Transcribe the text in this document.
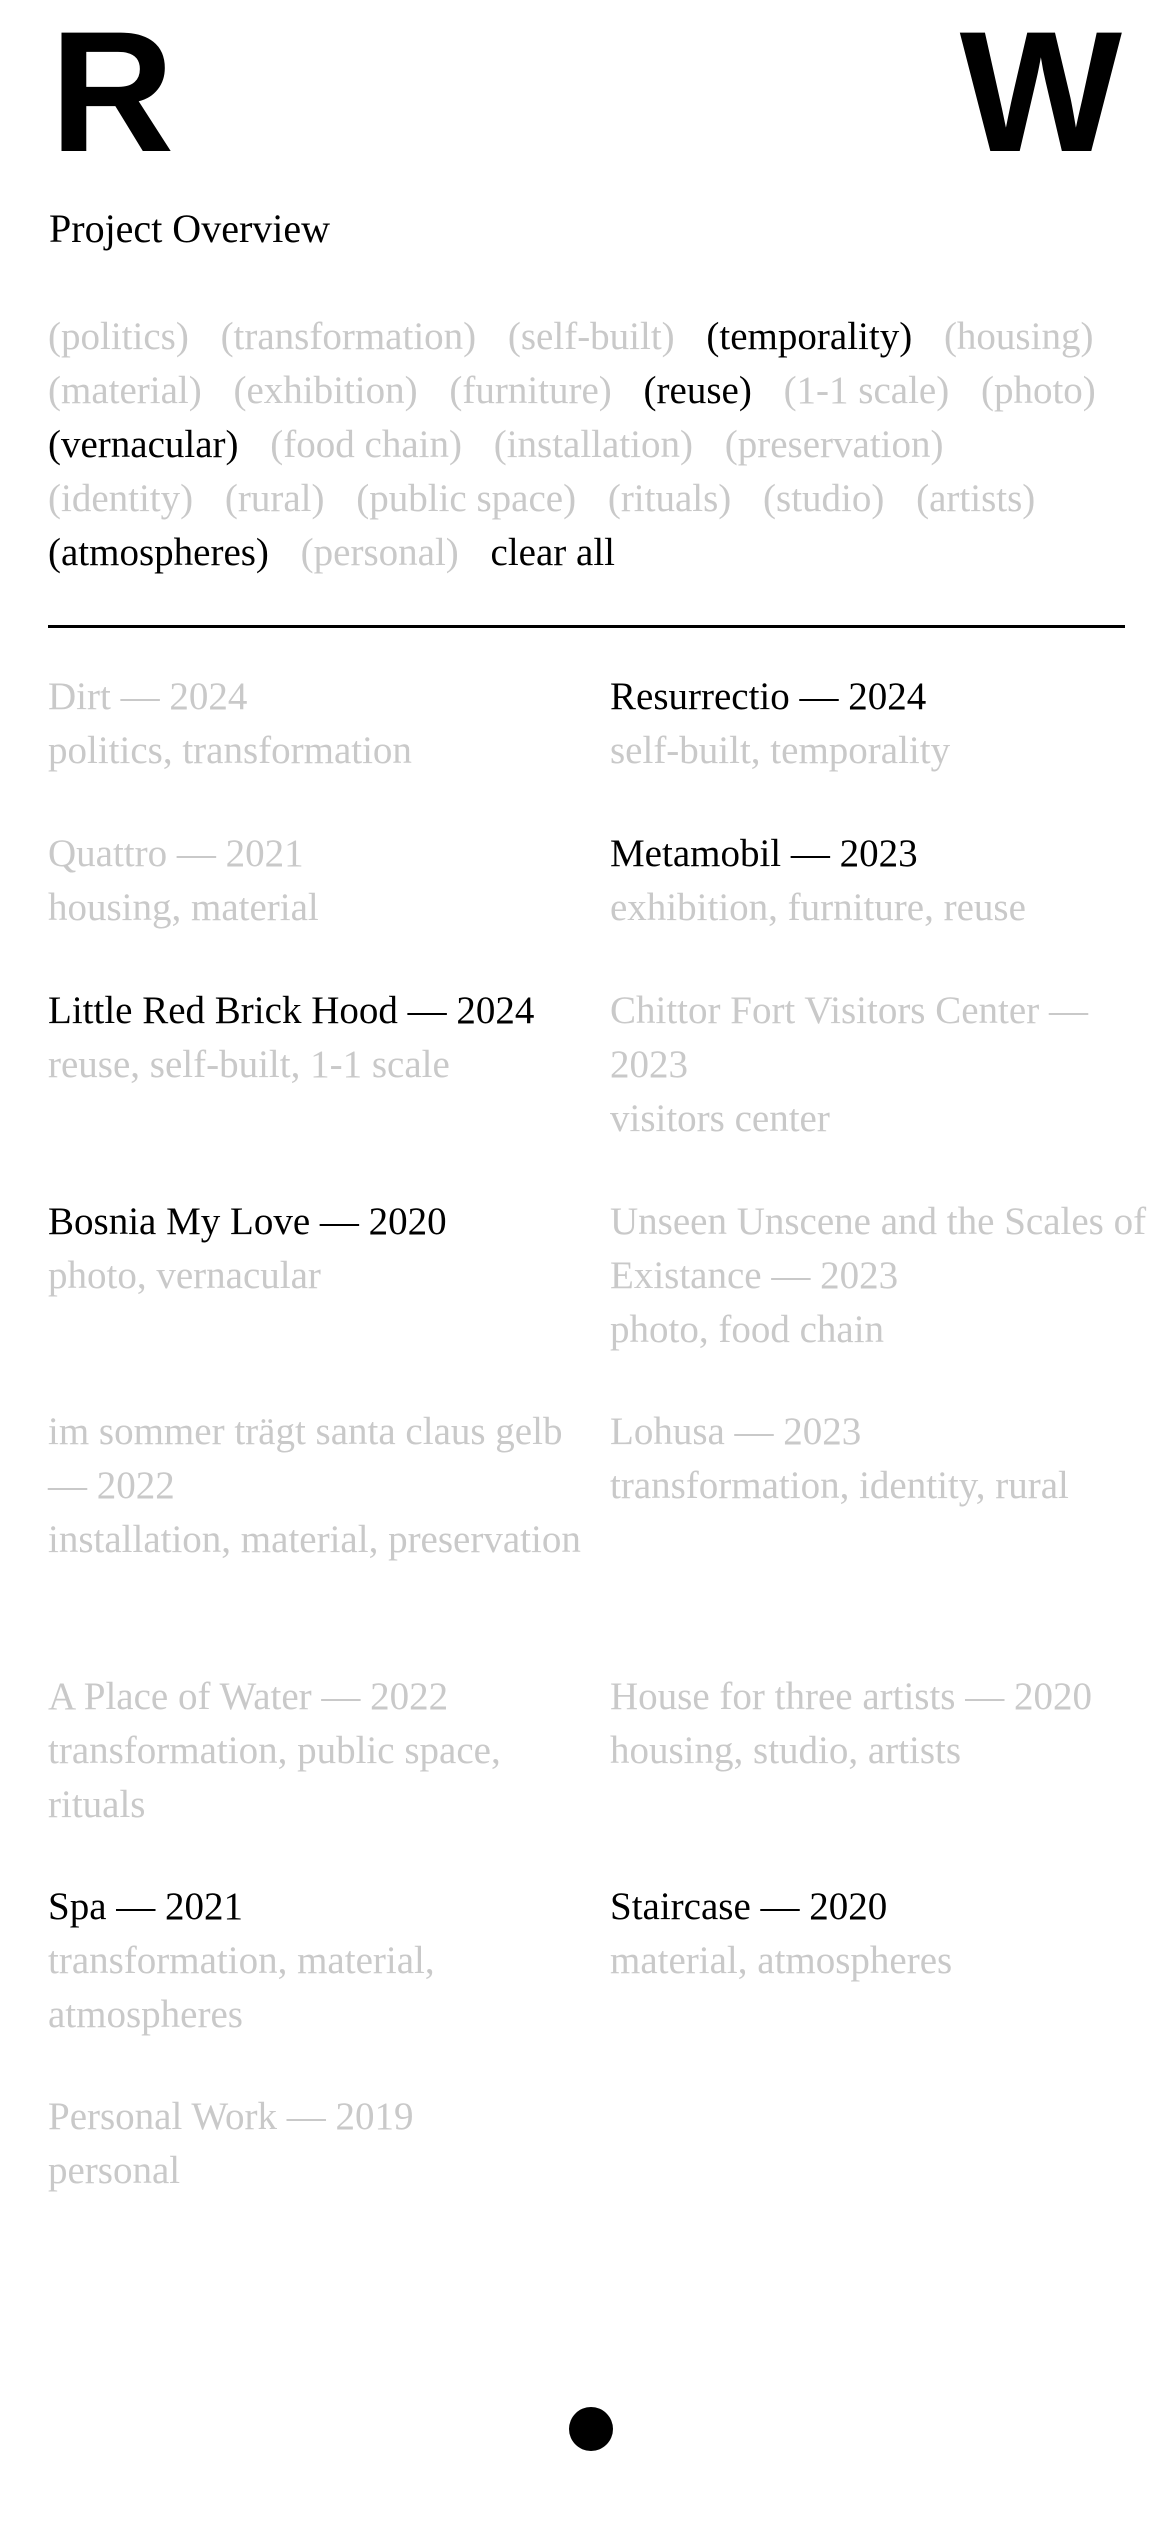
R	W
Project Overview
(politics) (transformation) (self-built) (temporality) (housing) (material) (exhibition) (furniture) (reuse) (1-1 scale) (photo) (vernacular) (food chain) (installation) (preservation) (identity) (rural) (public space) (rituals) (studio) (artists) (atmospheres) (personal) clear all
Dirt — 2024
politics, transformation
Resurrectio — 2024
self-built, temporality
Quattro — 2021
housing, material
Metamobil — 2023
exhibition, furniture, reuse
Little Red Brick Hood — 2024
reuse, self-built, 1-1 scale
Chittor Fort Visitors Center — 2023
visitors center
Bosnia My Love — 2020
photo, vernacular
Unseen Unscene and the Scales of Existance — 2023
photo, food chain
im sommer trägt santa claus gelb — 2022
installation, material, preservation
Lohusa — 2023
transformation, identity, rural
A Place of Water — 2022
transformation, public space, rituals
House for three artists — 2020
housing, studio, artists
Spa — 2021
transformation, material, atmospheres
Staircase — 2020
material, atmospheres
Personal Work — 2019
personal
